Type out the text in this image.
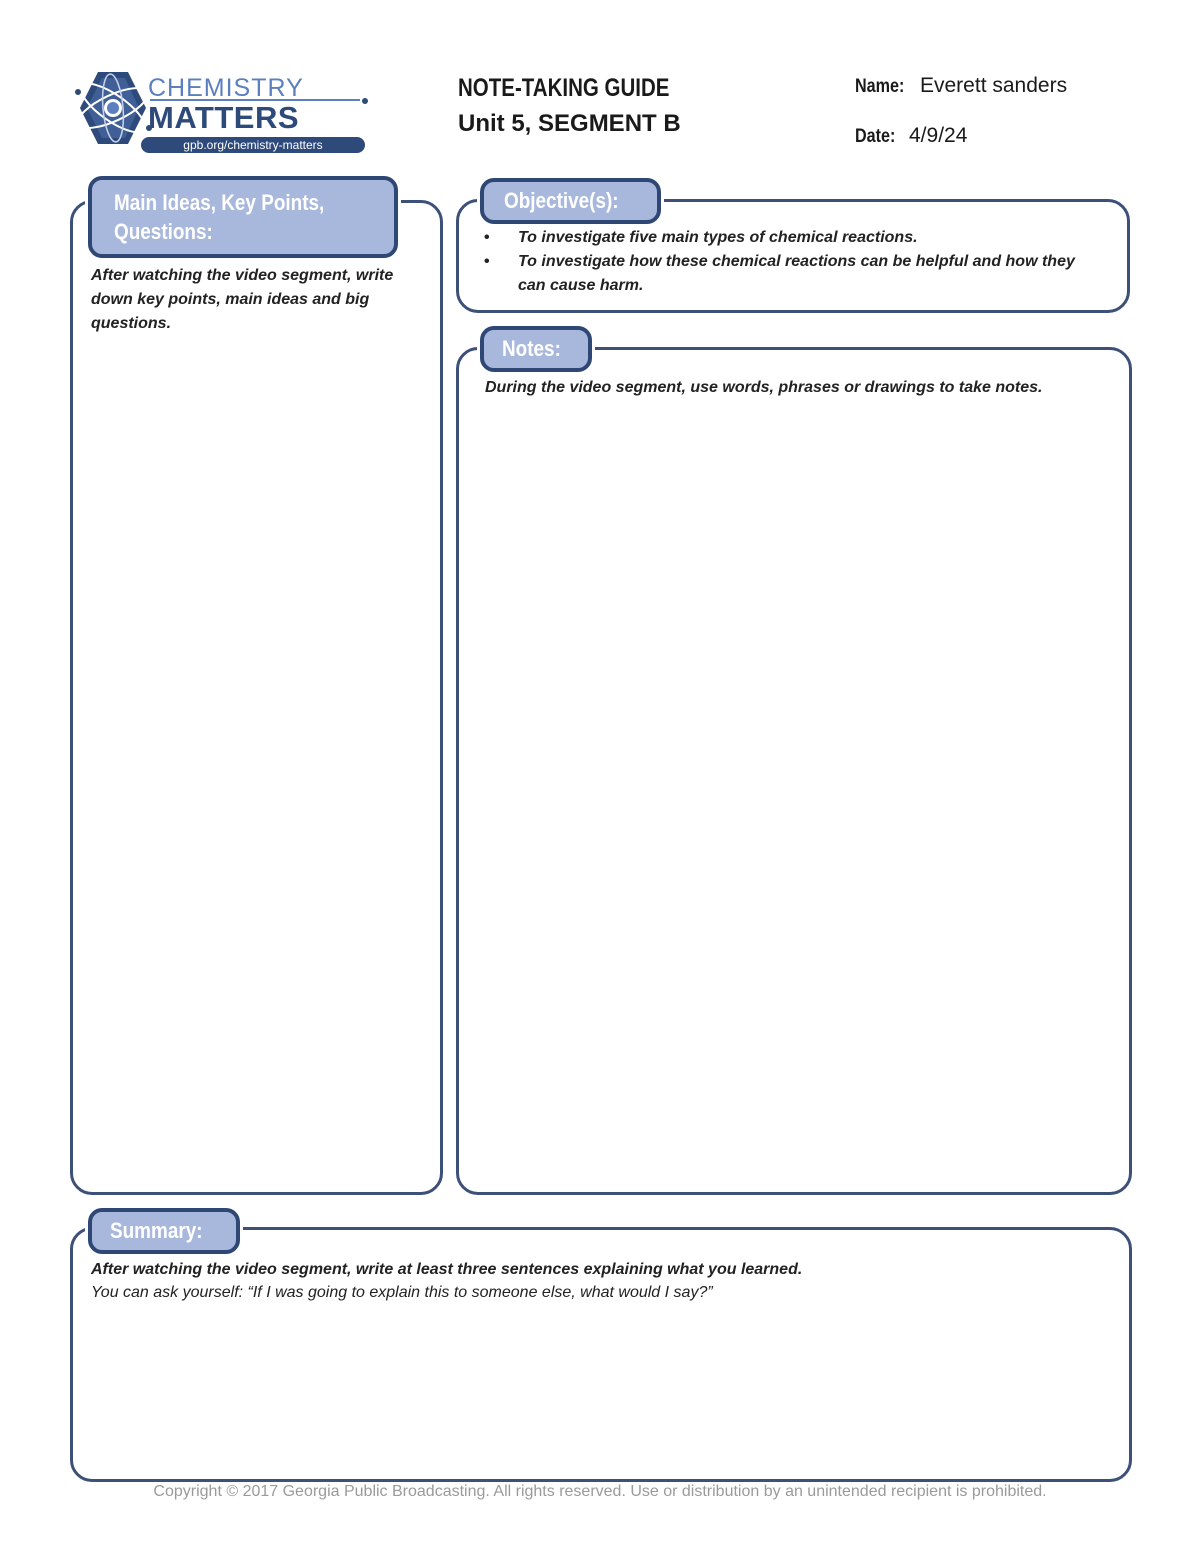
CHEMISTRY
MATTERS
gpb.org/chemistry-matters
NOTE-TAKING GUIDE
Unit 5, SEGMENT B
Name: Everett sanders
Date: 4/9/24
Main Ideas, Key Points,
Questions:
After watching the video segment, write down key points, main ideas and big questions.
Objective(s):
• To investigate five main types of chemical reactions.
• To investigate how these chemical reactions can be helpful and how they can cause harm.
Notes:
During the video segment, use words, phrases or drawings to take notes.
Summary:
After watching the video segment, write at least three sentences explaining what you learned.
You can ask yourself: “If I was going to explain this to someone else, what would I say?”
Copyright © 2017 Georgia Public Broadcasting. All rights reserved. Use or distribution by an unintended recipient is prohibited.
